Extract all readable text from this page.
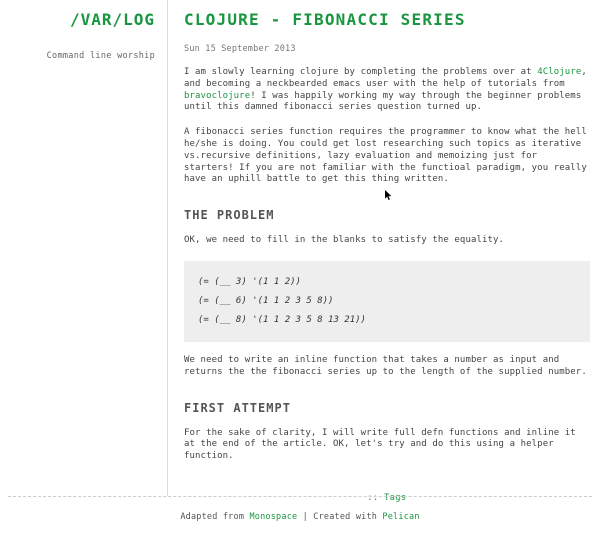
/VAR/LOG
Command line worship
CLOJURE - FIBONACCI SERIES
Sun 15 September 2013

I am slowly learning clojure by completing the problems over at 4Clojure, and becoming a neckbearded emacs user with the help of tutorials from bravoclojure! I was happily working my way through the beginner problems until this damned fibonacci series question turned up.

A fibonacci series function requires the programmer to know what the hell he/she is doing. You could get lost researching such topics as iterative vs.recursive definitions, lazy evaluation and memoizing just for starters! If you are not familiar with the functioal paradigm, you really have an uphill battle to get this thing written.

THE PROBLEM

OK, we need to fill in the blanks to satisfy the equality.

(= (__ 3) '(1 1 2))
(= (__ 6) '(1 1 2 3 5 8))
(= (__ 8) '(1 1 2 3 5 8 13 21))

We need to write an inline function that takes a number as input and returns the the fibonacci series up to the length of the supplied number.

FIRST ATTEMPT

For the sake of clarity, I will write full defn functions and inline it at the end of the article. OK, let's try and do this using a helper function.

:: Tags
Adapted from Monospace | Created with Pelican
